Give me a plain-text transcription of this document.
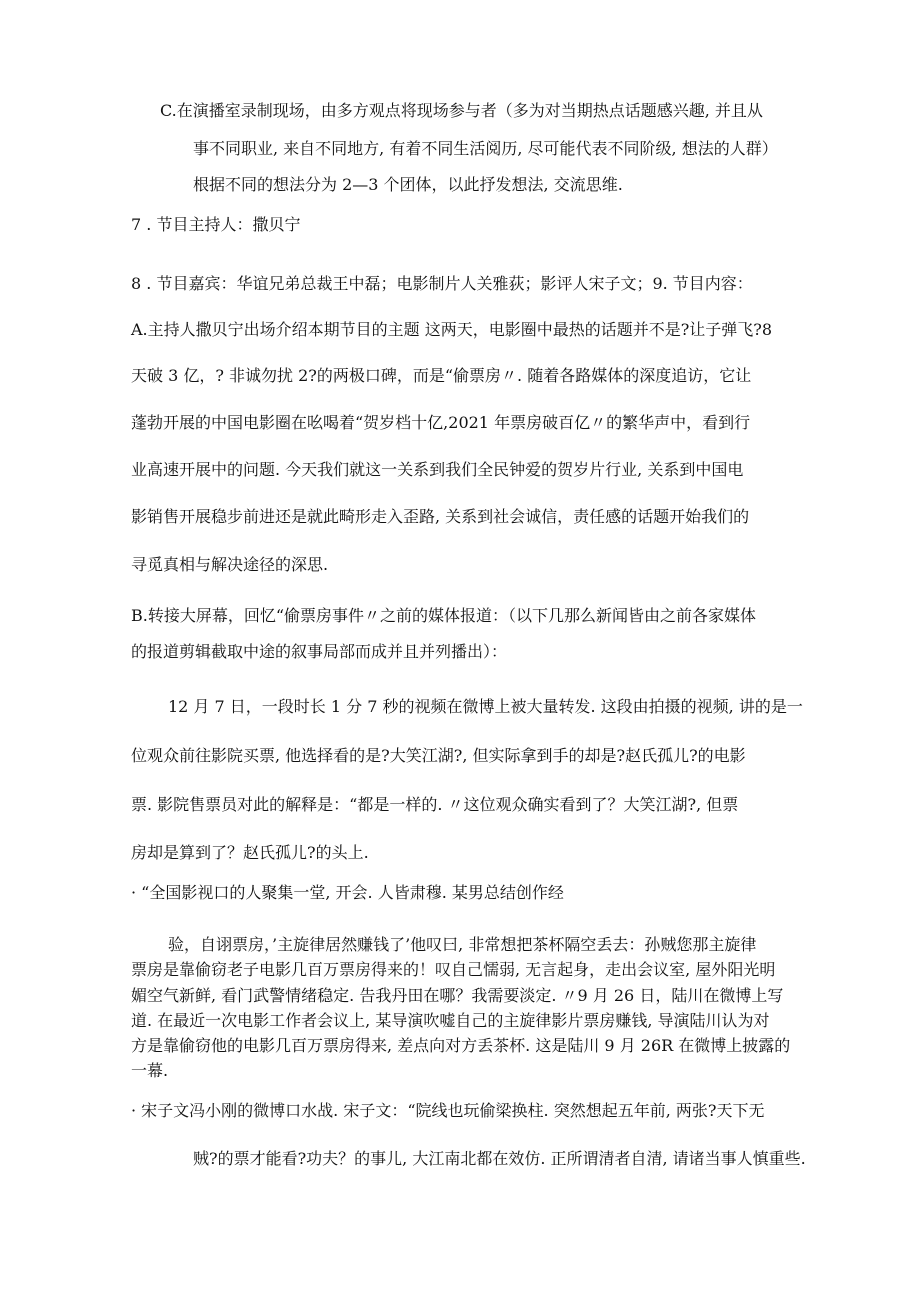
C.在演播室录制现场，由多方观点将现场参与者（多为对当期热点话题感兴趣, 并且从
事不同职业, 来自不同地方, 有着不同生活阅历, 尽可能代表不同阶级, 想法的人群）
根据不同的想法分为 2—3 个团体，以此抒发想法, 交流思维.
7 . 节目主持人：撒贝宁
8 . 节目嘉宾：华谊兄弟总裁王中磊；电影制片人关雅荻；影评人宋子文；9. 节目内容：
A.主持人撒贝宁出场介绍本期节目的主题 这两天，电影圈中最热的话题并不是?让子弹飞?8
天破 3 亿，? 非诚勿扰 2?的两极口碑，而是“偷票房〃. 随着各路媒体的深度追访，它让
蓬勃开展的中国电影圈在吆喝着“贺岁档十亿,2021 年票房破百亿〃的繁华声中，看到行
业高速开展中的问题. 今天我们就这一关系到我们全民钟爱的贺岁片行业, 关系到中国电
影销售开展稳步前进还是就此畸形走入歪路, 关系到社会诚信，责任感的话题开始我们的
寻觅真相与解决途径的深思.
B.转接大屏幕，回忆“偷票房事件〃之前的媒体报道：（以下几那么新闻皆由之前各家媒体
的报道剪辑截取中途的叙事局部而成并且并列播出）：
12 月 7 日，一段时长 1 分 7 秒的视频在微博上被大量转发. 这段由拍摄的视频, 讲的是一
位观众前往影院买票, 他选择看的是?大笑江湖?, 但实际拿到手的却是?赵氏孤儿?的电影
票. 影院售票员对此的解释是：“都是一样的. 〃这位观众确实看到了？大笑江湖?, 但票
房却是算到了？赵氏孤儿?的头上.
· “全国影视口的人聚集一堂, 开会. 人皆肃穆. 某男总结创作经
验，自诩票房，’主旋律居然赚钱了’他叹曰, 非常想把茶杯隔空丢去：孙贼您那主旋律
票房是靠偷窃老子电影几百万票房得来的！叹自己懦弱, 无言起身，走出会议室, 屋外阳光明
媚空气新鲜, 看门武警情绪稳定. 告我丹田在哪？我需要淡定. 〃9 月 26 日，陆川在微博上写
道. 在最近一次电影工作者会议上, 某导演吹嘘自己的主旋律影片票房赚钱, 导演陆川认为对
方是靠偷窃他的电影几百万票房得来, 差点向对方丢茶杯. 这是陆川 9 月 26R 在微博上披露的
一幕.
· 宋子文冯小刚的微博口水战. 宋子文：“院线也玩偷梁换柱. 突然想起五年前, 两张?天下无
贼?的票才能看?功夫？的事儿, 大江南北都在效仿. 正所谓清者自清, 请诸当事人慎重些.
